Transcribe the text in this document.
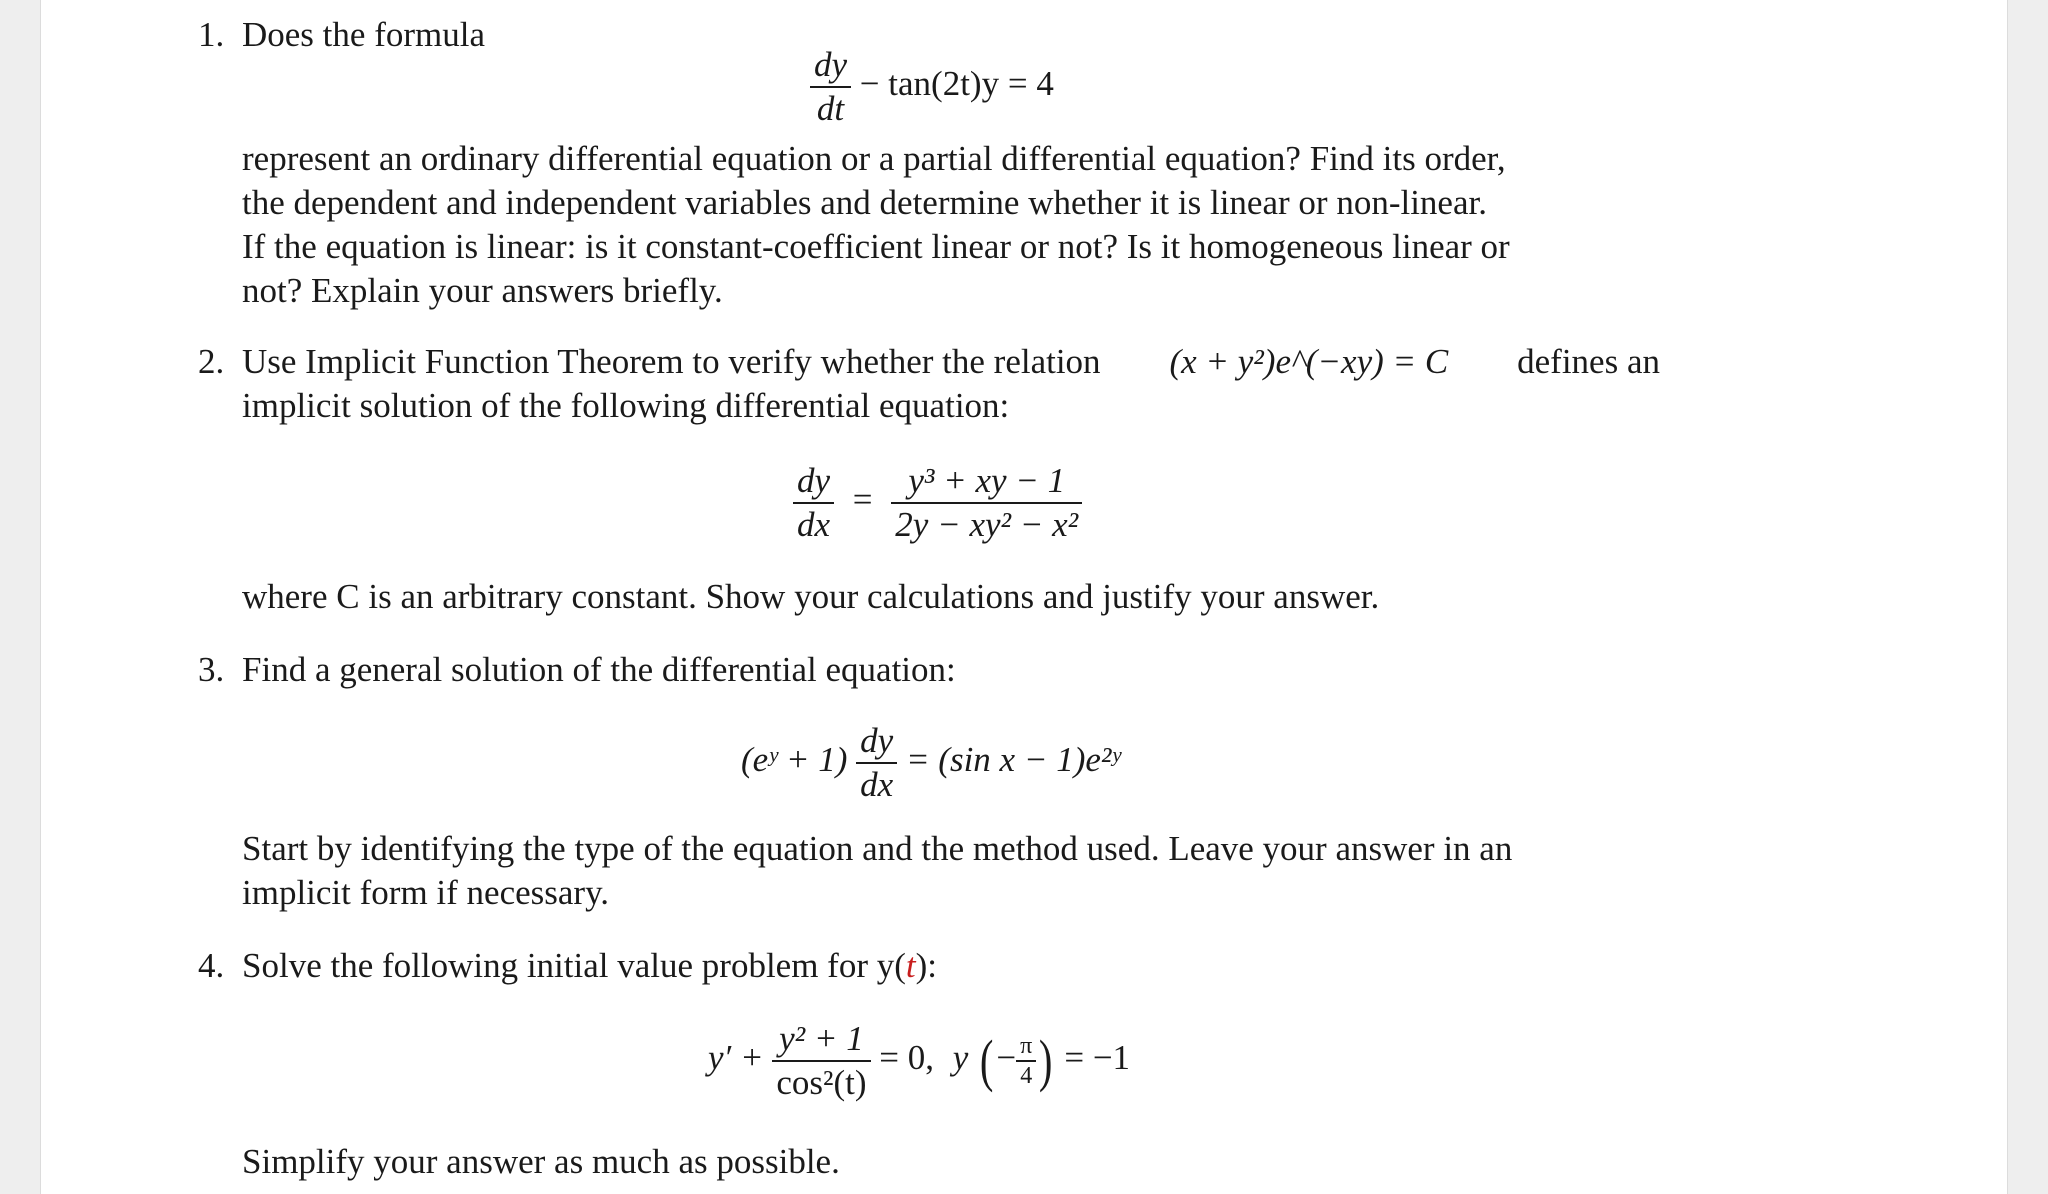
1. Does the formula
$\frac{dy}{dt} - \tan(2t)y = 4$
represent an ordinary differential equation or a partial differential equation? Find its order,
the dependent and independent variables and determine whether it is linear or non-linear.
If the equation is linear: is it constant-coefficient linear or not? Is it homogeneous linear or
not? Explain your answers briefly.
2. Use Implicit Function Theorem to verify whether the relation (x + y²)e^(−xy) = C defines an
implicit solution of the following differential equation:
$\frac{dy}{dx} = \frac{\text{y³ + xy − 1}}{\text{2y − xy² − x²}}$
where C is an arbitrary constant. Show your calculations and justify your answer.
3. Find a general solution of the differential equation:
(eʸ + $1) \frac{dy}{dx} = (\sin$ x − 1)e²ʸ
Start by identifying the type of the equation and the method used. Leave your answer in an
implicit form if necessary.
4. Solve the following initial value problem for y(t):
$y' + \frac{\text{y² + 1}}{\text{cos²(t)}} = 0$, y (− $\frac{\pi}{4}$ ) = −1
Simplify your answer as much as possible.
